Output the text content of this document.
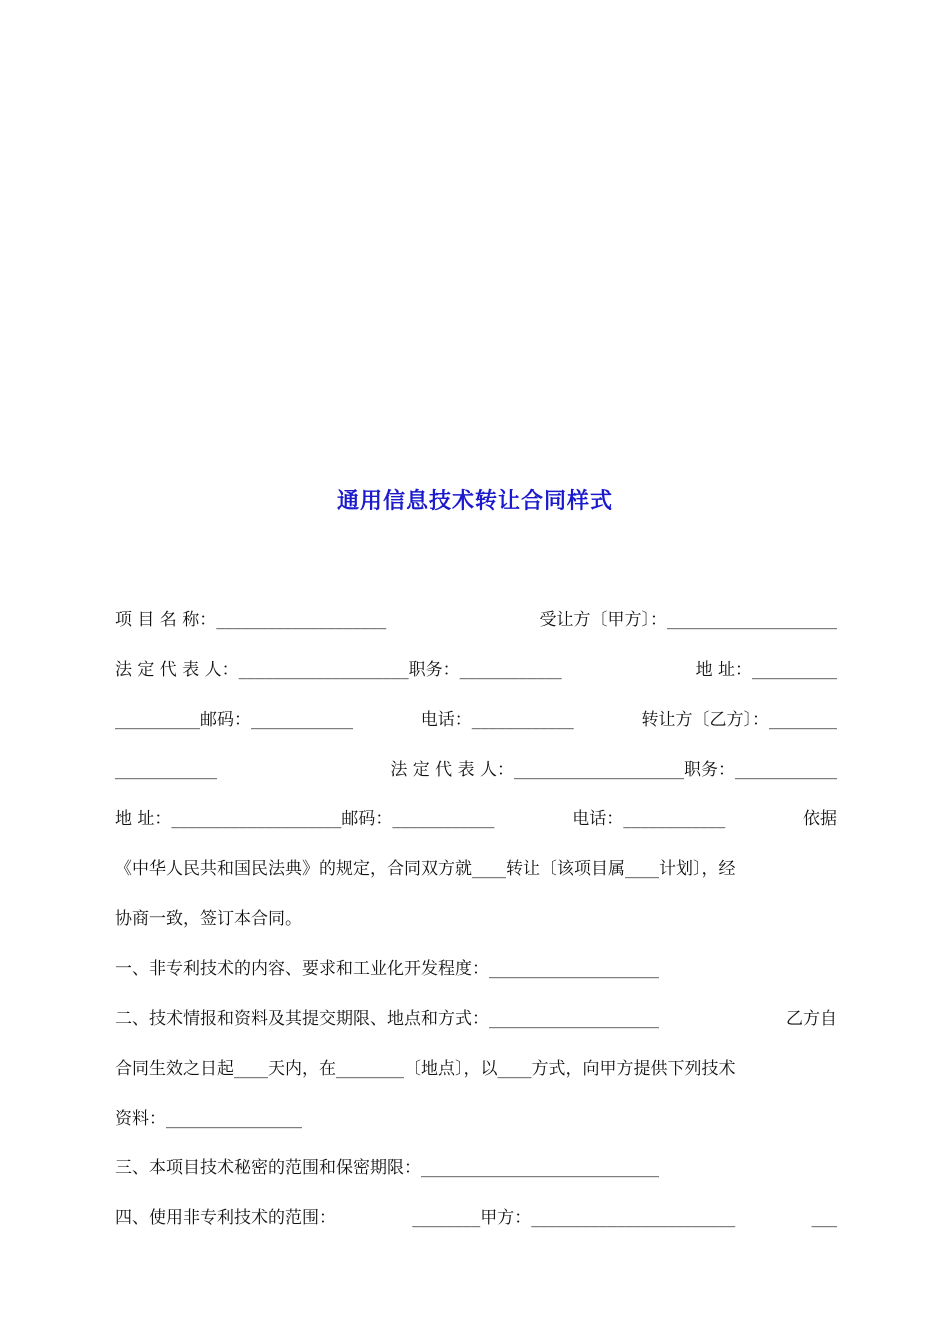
通用信息技术转让合同样式
项 目 名 称：____________________	受让方〔甲方〕：____________________
法 定 代 表 人：____________________职务：____________	地 址：__________
__________邮码：____________	电话：____________	转让方〔乙方〕：________
____________	法 定 代 表 人：____________________职务：____________
地 址：____________________邮码：____________	电话：____________	依据
《中华人民共和国民法典》的规定，合同双方就____转让〔该项目属____计划〕，经
协商一致，签订本合同。
一、非专利技术的内容、要求和工业化开发程度：____________________
二、技术情报和资料及其提交期限、地点和方式：____________________	乙方自
合同生效之日起____天内，在________〔地点〕，以____方式，向甲方提供下列技术
资料：________________
三、本项目技术秘密的范围和保密期限：____________________________
四、使用非专利技术的范围：	________甲方：________________________	___
